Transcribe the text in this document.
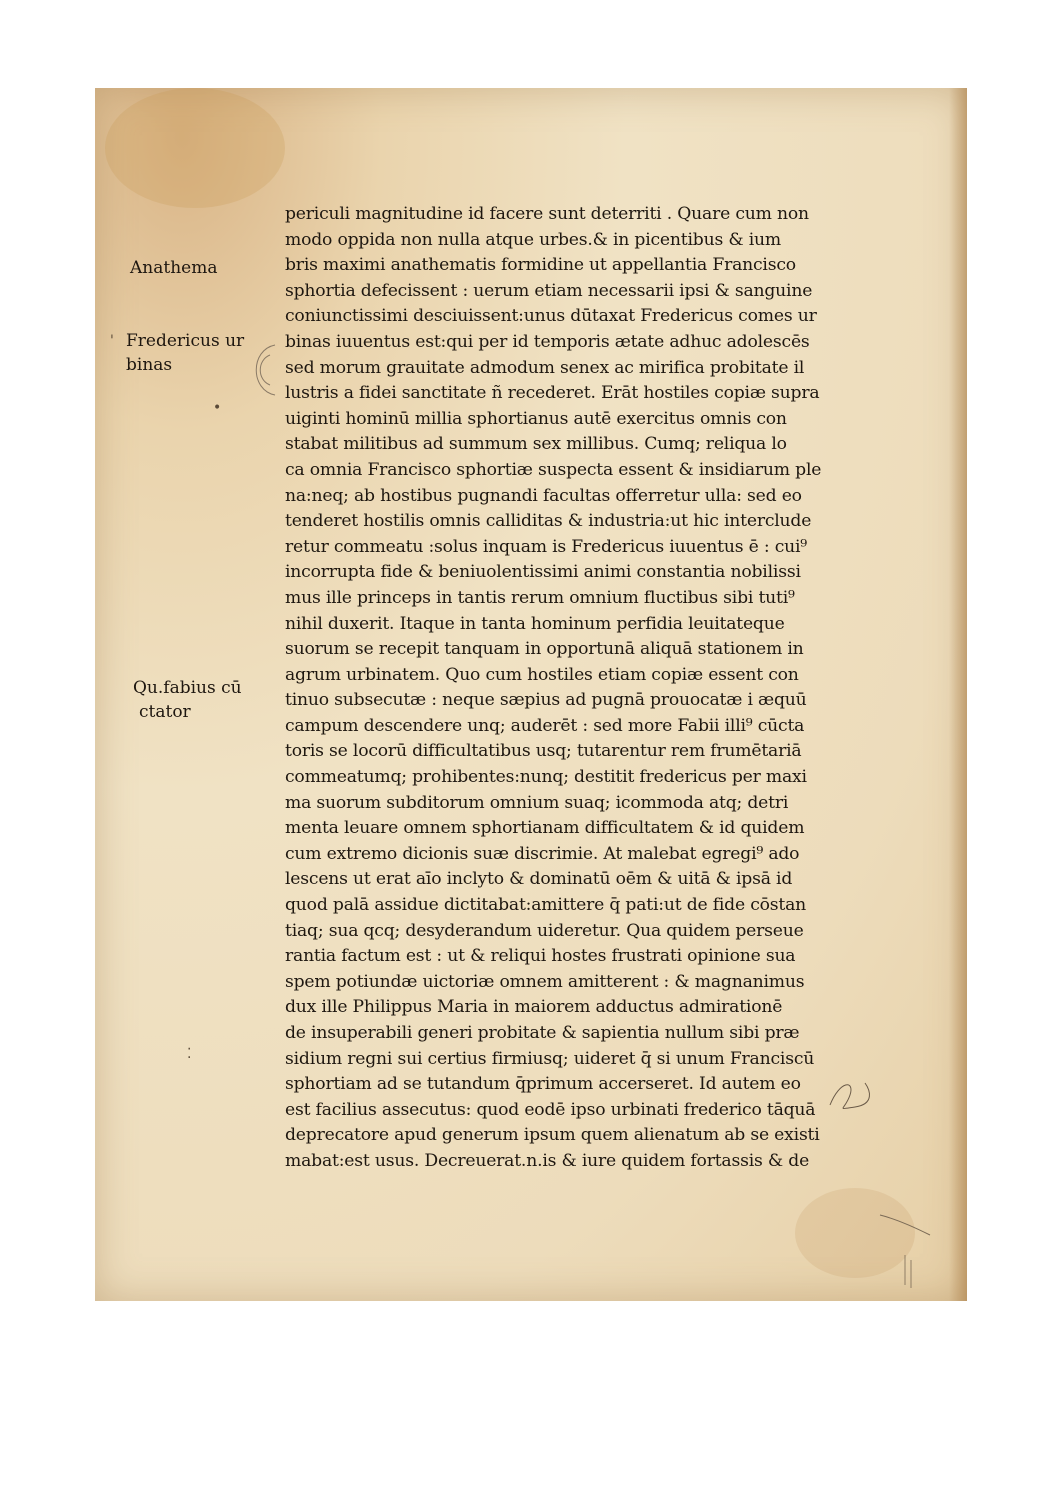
Anathema
Fredericus ur
binas
Qu.fabius cū
ctator
•
⁚
'
periculi magnitudine id facere sunt deterriti . Quare cum non
modo oppida non nulla atque urbes.& in picentibus & ium
bris maximi anathematis formidine ut appellantia Francisco
sphortia defecissent : uerum etiam necessarii ipsi & sanguine
coniunctissimi desciuissent:unus dūtaxat Fredericus comes ur
binas iuuentus est:qui per id temporis ætate adhuc adolescēs
sed morum grauitate admodum senex ac mirifica probitate il
lustris a fidei sanctitate ñ recederet. Erāt hostiles copiæ supra
uiginti hominū millia sphortianus autē exercitus omnis con
stabat militibus ad summum sex millibus. Cumq; reliqua lo
ca omnia Francisco sphortiæ suspecta essent & insidiarum ple
na:neq; ab hostibus pugnandi facultas offerretur ulla: sed eo
tenderet hostilis omnis calliditas & industria:ut hic interclude
retur commeatu :solus inquam is Fredericus iuuentus ē : cui⁹
incorrupta fide & beniuolentissimi animi constantia nobilissi
mus ille princeps in tantis rerum omnium fluctibus sibi tuti⁹
nihil duxerit. Itaque in tanta hominum perfidia leuitateque
suorum se recepit tanquam in opportunā aliquā stationem in
agrum urbinatem. Quo cum hostiles etiam copiæ essent con
tinuo subsecutæ : neque sæpius ad pugnā prouocatæ i æquū
campum descendere unq; auderēt : sed more Fabii illi⁹ cūcta
toris se locorū difficultatibus usq; tutarentur rem frumētariā
commeatumq; prohibentes:nunq; destitit fredericus per maxi
ma suorum subditorum omnium suaq; icommoda atq; detri
menta leuare omnem sphortianam difficultatem & id quidem
cum extremo dicionis suæ discrimie. At malebat egregi⁹ ado
lescens ut erat aīo inclyto & dominatū oēm & uitā & ipsā id
quod palā assidue dictitabat:amittere q̄ pati:ut de fide cōstan
tiaq; sua qcq; desyderandum uideretur. Qua quidem perseue
rantia factum est : ut & reliqui hostes frustrati opinione sua
spem potiundæ uictoriæ omnem amitterent : & magnanimus
dux ille Philippus Maria in maiorem adductus admirationē
de insuperabili generi probitate & sapientia nullum sibi præ
sidium regni sui certius firmiusq; uideret q̄ si unum Franciscū
sphortiam ad se tutandum q̄primum accerseret. Id autem eo
est facilius assecutus: quod eodē ipso urbinati frederico tāquā
deprecatore apud generum ipsum quem alienatum ab se existi
mabat:est usus. Decreuerat.n.is & iure quidem fortassis & de
